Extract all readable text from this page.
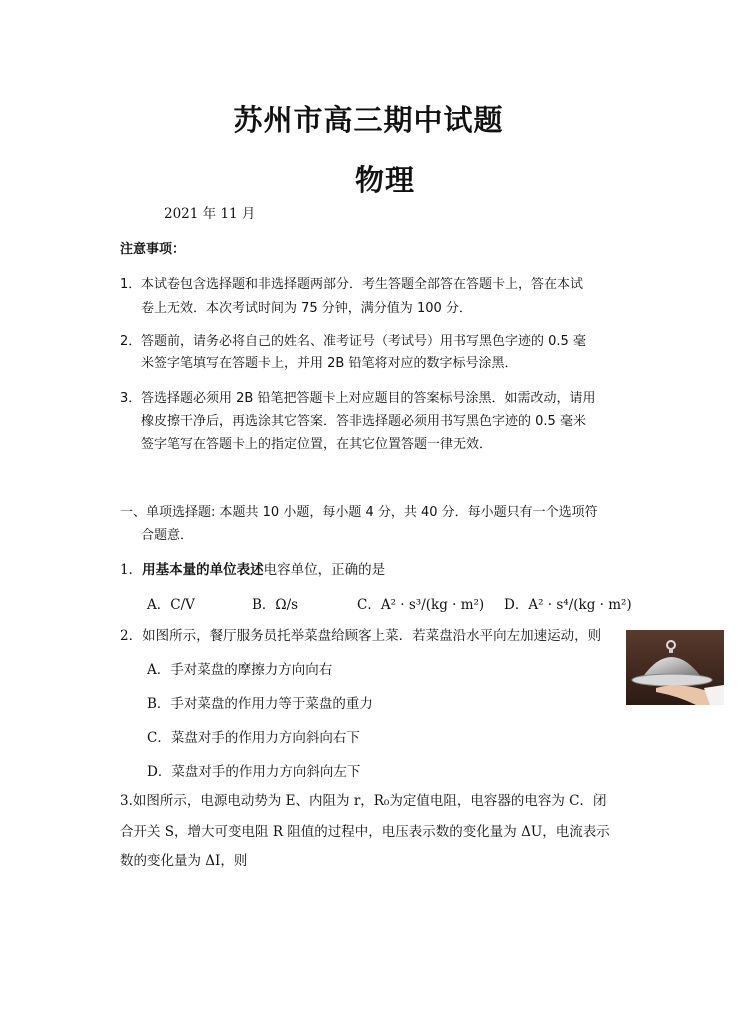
苏州市高三期中试题
物理
2021 年 11 月
注意事项：
1． 本试卷包含选择题和非选择题两部分．考生答题全部答在答题卡上，答在本试
卷上无效．本次考试时间为 75 分钟，满分值为 100 分．
2． 答题前，请务必将自己的姓名、准考证号（考试号）用书写黑色字迹的 0.5 毫
米签字笔填写在答题卡上，并用 2B 铅笔将对应的数字标号涂黑．
3． 答选择题必须用 2B 铅笔把答题卡上对应题目的答案标号涂黑．如需改动，请用
橡皮擦干净后，再选涂其它答案．答非选择题必须用书写黑色字迹的 0.5 毫米
签字笔写在答题卡上的指定位置，在其它位置答题一律无效．
一、单项选择题: 本题共 10 小题，每小题 4 分，共 40 分．每小题只有一个选项符
合题意．
1．用基本量的单位表述电容单位，正确的是
A．C/V	B．Ω/s	C．A² · s³/(kg · m²) D．A² · s⁴/(kg · m²)
2．如图所示，餐厅服务员托举菜盘给顾客上菜．若菜盘沿水平向左加速运动，则
A．手对菜盘的摩擦力方向向右
B．手对菜盘的作用力等于菜盘的重力
C．菜盘对手的作用力方向斜向右下
D．菜盘对手的作用力方向斜向左下
3.如图所示，电源电动势为 E、内阻为 r，R₀为定值电阻，电容器的电容为 C．闭
合开关 S，增大可变电阻 R 阻值的过程中，电压表示数的变化量为 ΔU，电流表示
数的变化量为 ΔI，则
